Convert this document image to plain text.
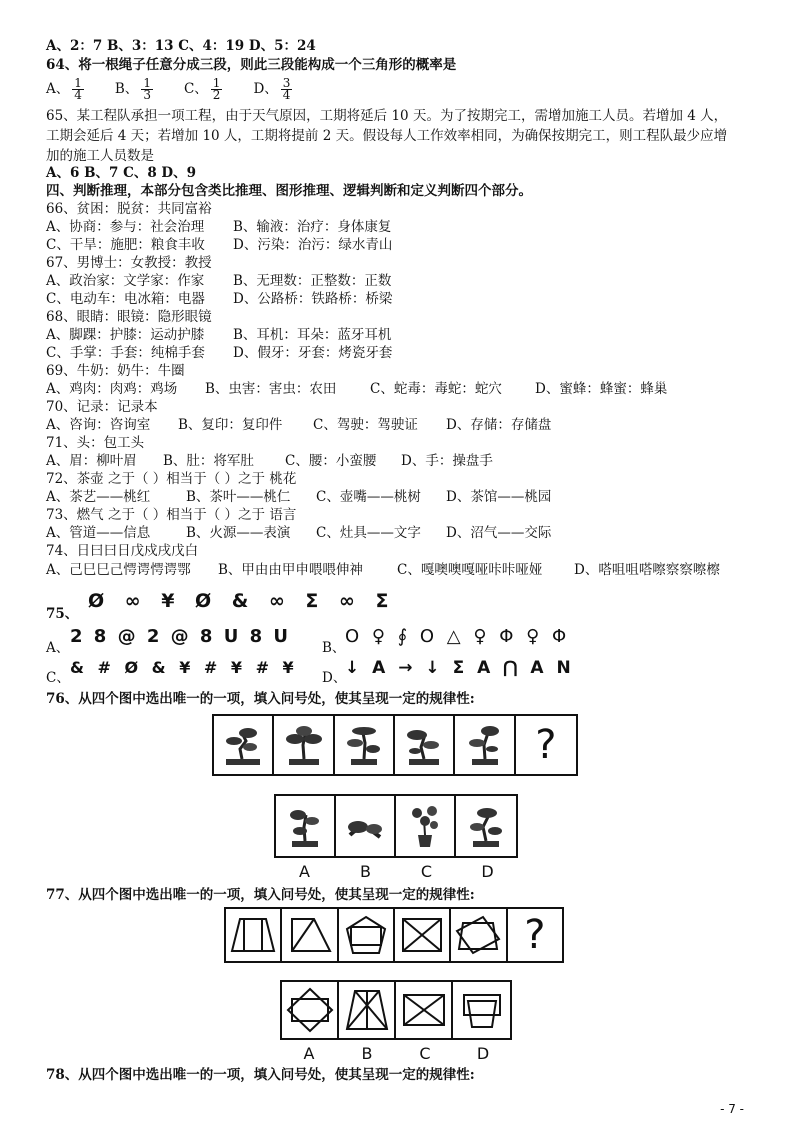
A、2：7 B、3：13 C、4：19 D、5：24
64、将一根绳子任意分成三段，则此三段能构成一个三角形的概率是
A、 $\frac{1}{4}$ B、 $\frac{1}{3}$ C、 $\frac{1}{2}$ D、 $\frac{3}{4}$
65、某工程队承担一项工程，由于天气原因，工期将延后 10 天。为了按期完工，需增加施工人员。若增加 4 人，
工期会延后 4 天；若增加 10 人，工期将提前 2 天。假设每人工作效率相同，为确保按期完工，则工程队最少应增
加的施工人员数是
A、6 B、7 C、8 D、9
四、判断推理，本部分包含类比推理、图形推理、逻辑判断和定义判断四个部分。
66、贫困：脱贫：共同富裕
A、协商：参与：社会治理 B、输液：治疗：身体康复
C、干旱：施肥：粮食丰收 D、污染：治污：绿水青山
67、男博士：女教授：教授
A、政治家：文学家：作家 B、无理数：正整数：正数
C、电动车：电冰箱：电器 D、公路桥：铁路桥：桥梁
68、眼睛：眼镜：隐形眼镜
A、脚踝：护膝：运动护膝 B、耳机：耳朵：蓝牙耳机
C、手掌：手套：纯棉手套 D、假牙：牙套：烤瓷牙套
69、牛奶：奶牛：牛圈
A、鸡肉：肉鸡：鸡场 B、虫害：害虫：农田 C、蛇毒：毒蛇：蛇穴 D、蜜蜂：蜂蜜：蜂巢
70、记录：记录本
A、咨询：咨询室 B、复印：复印件 C、驾驶：驾驶证 D、存储：存储盘
71、头：包工头
A、眉：柳叶眉 B、肚：将军肚 C、腰：小蛮腰 D、手：操盘手
72、茶壶 之于（ ）相当于（ ）之于 桃花
A、茶艺——桃红	B、茶叶——桃仁 C、壶嘴——桃树 D、茶馆——桃园
73、燃气 之于（ ）相当于（ ）之于 语言
A、管道——信息	B、火源——表演 C、灶具——文字 D、沼气——交际
74、日曰曰日戊戍戌戊白
A、己巳巳己愕谔愕谔鄂 B、甲由由甲申喂喂伸神	C、嘎噢噢嘎哑咔咔哑娅 D、嗒咀咀嗒嚓察察嚓檫
75、
Ø ∞ ¥ Ø & ∞ Σ ∞ Σ
A、
2 8 @ 2 @ 8 U 8 U
B、
O ♀ ∮ O △ ♀ Φ ♀ Φ
C、
& # Ø & ¥ # ¥ # ¥
D、
↓ A → ↓ Σ A ⋂ A N
76、从四个图中选出唯一的一项，填入问号处，使其呈现一定的规律性:
?
A	B	C	D
77、从四个图中选出唯一的一项，填入问号处，使其呈现一定的规律性:
?
A	B	C	D
78、从四个图中选出唯一的一项，填入问号处，使其呈现一定的规律性:
- 7 -
